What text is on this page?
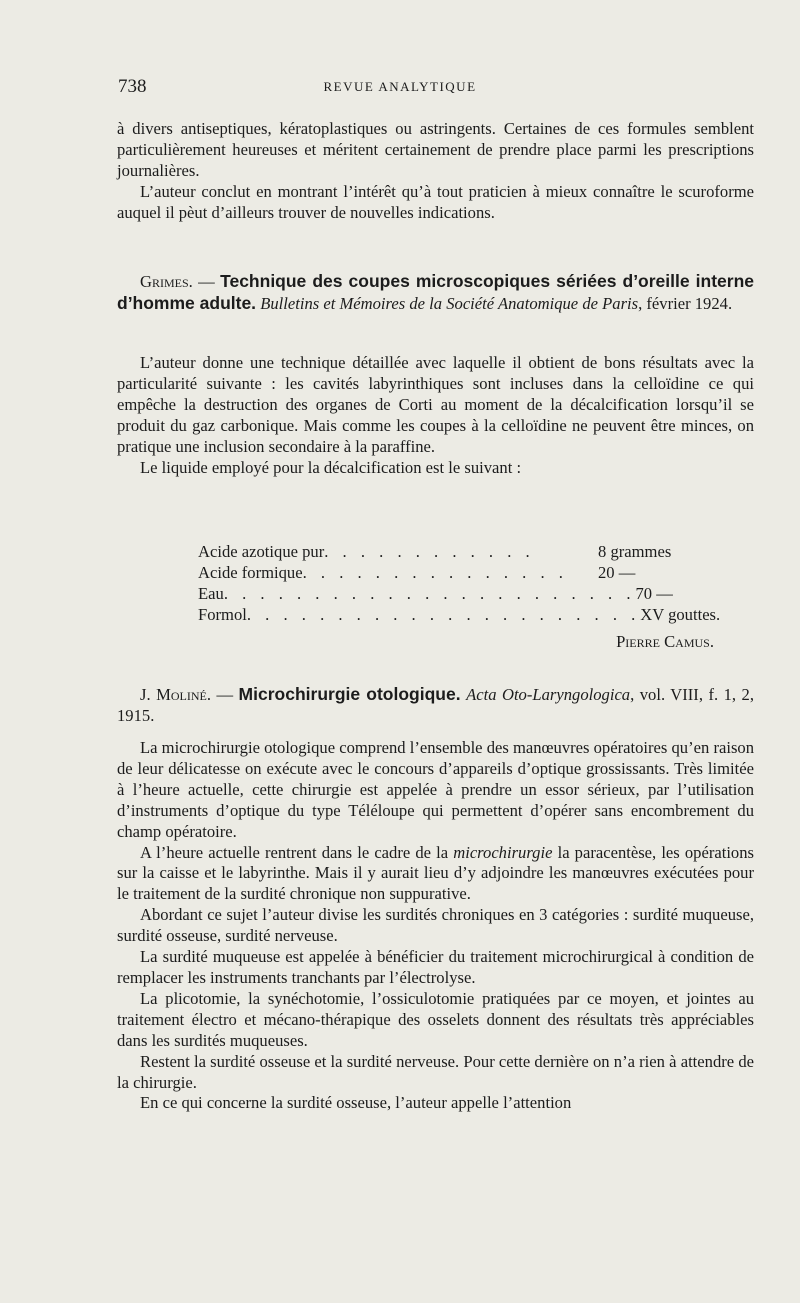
738	REVUE ANALYTIQUE

à divers antiseptiques, kératoplastiques ou astringents. Certaines de ces formules semblent particulièrement heureuses et méritent certainement de prendre place parmi les prescriptions journalières.

L’auteur conclut en montrant l’intérêt qu’à tout praticien à mieux connaître le scuroforme auquel il pèut d’ailleurs trouver de nouvelles indications.

Grimes. — Technique des coupes microscopiques sériées d’oreille interne d’homme adulte. Bulletins et Mémoires de la Société Anatomique de Paris, février 1924.

L’auteur donne une technique détaillée avec laquelle il obtient de bons résultats avec la particularité suivante : les cavités labyrinthiques sont incluses dans la celloïdine ce qui empêche la destruction des organes de Corti au moment de la décalcification lorsqu’il se produit du gaz carbonique. Mais comme les coupes à la celloïdine ne peuvent être minces, on pratique une inclusion secondaire à la paraffine.

Le liquide employé pour la décalcification est le suivant :

Acide azotique pur . . . . . . . . . . . .	8 grammes
Acide formique . . . . . . . . . . . . . . .	20 —
Eau . . . . . . . . . . . . . . . . . . . . . . . 70 —
Formol . . . . . . . . . . . . . . . . . . . . . . XV gouttes.

Pierre Camus.

J. Moliné. — Microchirurgie otologique. Acta Oto-Laryngologica, vol. VIII, f. 1, 2, 1915.

La microchirurgie otologique comprend l’ensemble des manœuvres opératoires qu’en raison de leur délicatesse on exécute avec le concours d’appareils d’optique grossissants. Très limitée à l’heure actuelle, cette chirurgie est appelée à prendre un essor sérieux, par l’utilisation d’instruments d’optique du type Téléloupe qui permettent d’opérer sans encombrement du champ opératoire.

A l’heure actuelle rentrent dans le cadre de la microchirurgie la paracentèse, les opérations sur la caisse et le labyrinthe. Mais il y aurait lieu d’y adjoindre les manœuvres exécutées pour le traitement de la surdité chronique non suppurative.

Abordant ce sujet l’auteur divise les surdités chroniques en 3 catégories : surdité muqueuse, surdité osseuse, surdité nerveuse.

La surdité muqueuse est appelée à bénéficier du traitement microchirurgical à condition de remplacer les instruments tranchants par l’électrolyse.

La plicotomie, la synéchotomie, l’ossiculotomie pratiquées par ce moyen, et jointes au traitement électro et mécano-thérapique des osselets donnent des résultats très appréciables dans les surdités muqueuses.

Restent la surdité osseuse et la surdité nerveuse. Pour cette dernière on n’a rien à attendre de la chirurgie.

En ce qui concerne la surdité osseuse, l’auteur appelle l’attention
